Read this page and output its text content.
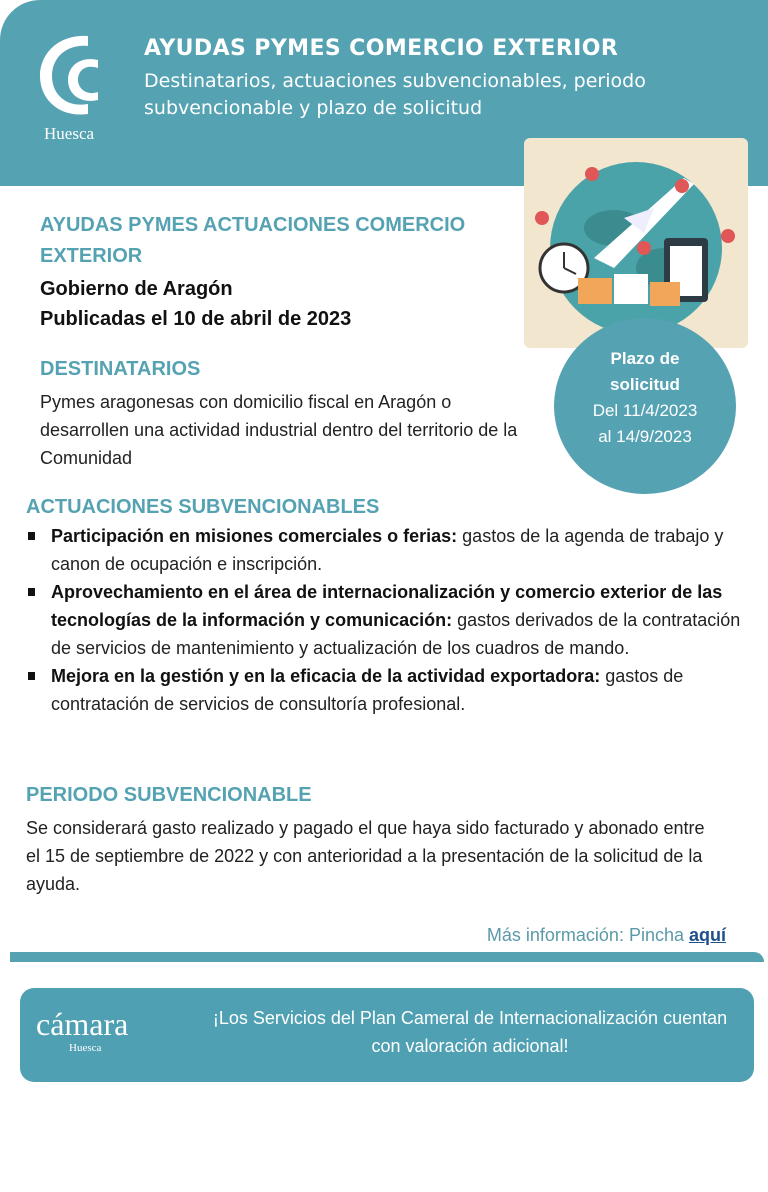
Huesca
AYUDAS PYMES COMERCIO EXTERIOR
Destinatarios, actuaciones subvencionables, periodo subvencionable y plazo de solicitud
Plazo de
solicitud
Del 11/4/2023
al 14/9/2023
AYUDAS PYMES ACTUACIONES COMERCIO EXTERIOR
Gobierno de Aragón
Publicadas el 10 de abril de 2023
DESTINATARIOS
Pymes aragonesas con domicilio fiscal en Aragón o desarrollen una actividad industrial dentro del territorio de la Comunidad
ACTUACIONES SUBVENCIONABLES
Participación en misiones comerciales o ferias: gastos de la agenda de trabajo y canon de ocupación e inscripción.
Aprovechamiento en el área de internacionalización y comercio exterior de las tecnologías de la información y comunicación: gastos derivados de la contratación de servicios de mantenimiento y actualización de los cuadros de mando.
Mejora en la gestión y en la eficacia de la actividad exportadora: gastos de contratación de servicios de consultoría profesional.
PERIODO SUBVENCIONABLE
Se considerará gasto realizado y pagado el que haya sido facturado y abonado entre el 15 de septiembre de 2022 y con anterioridad a la presentación de la solicitud de la ayuda.
Más información: Pincha aquí
cámara
Huesca
¡Los Servicios del Plan Cameral de Internacionalización cuentan con valoración adicional!
